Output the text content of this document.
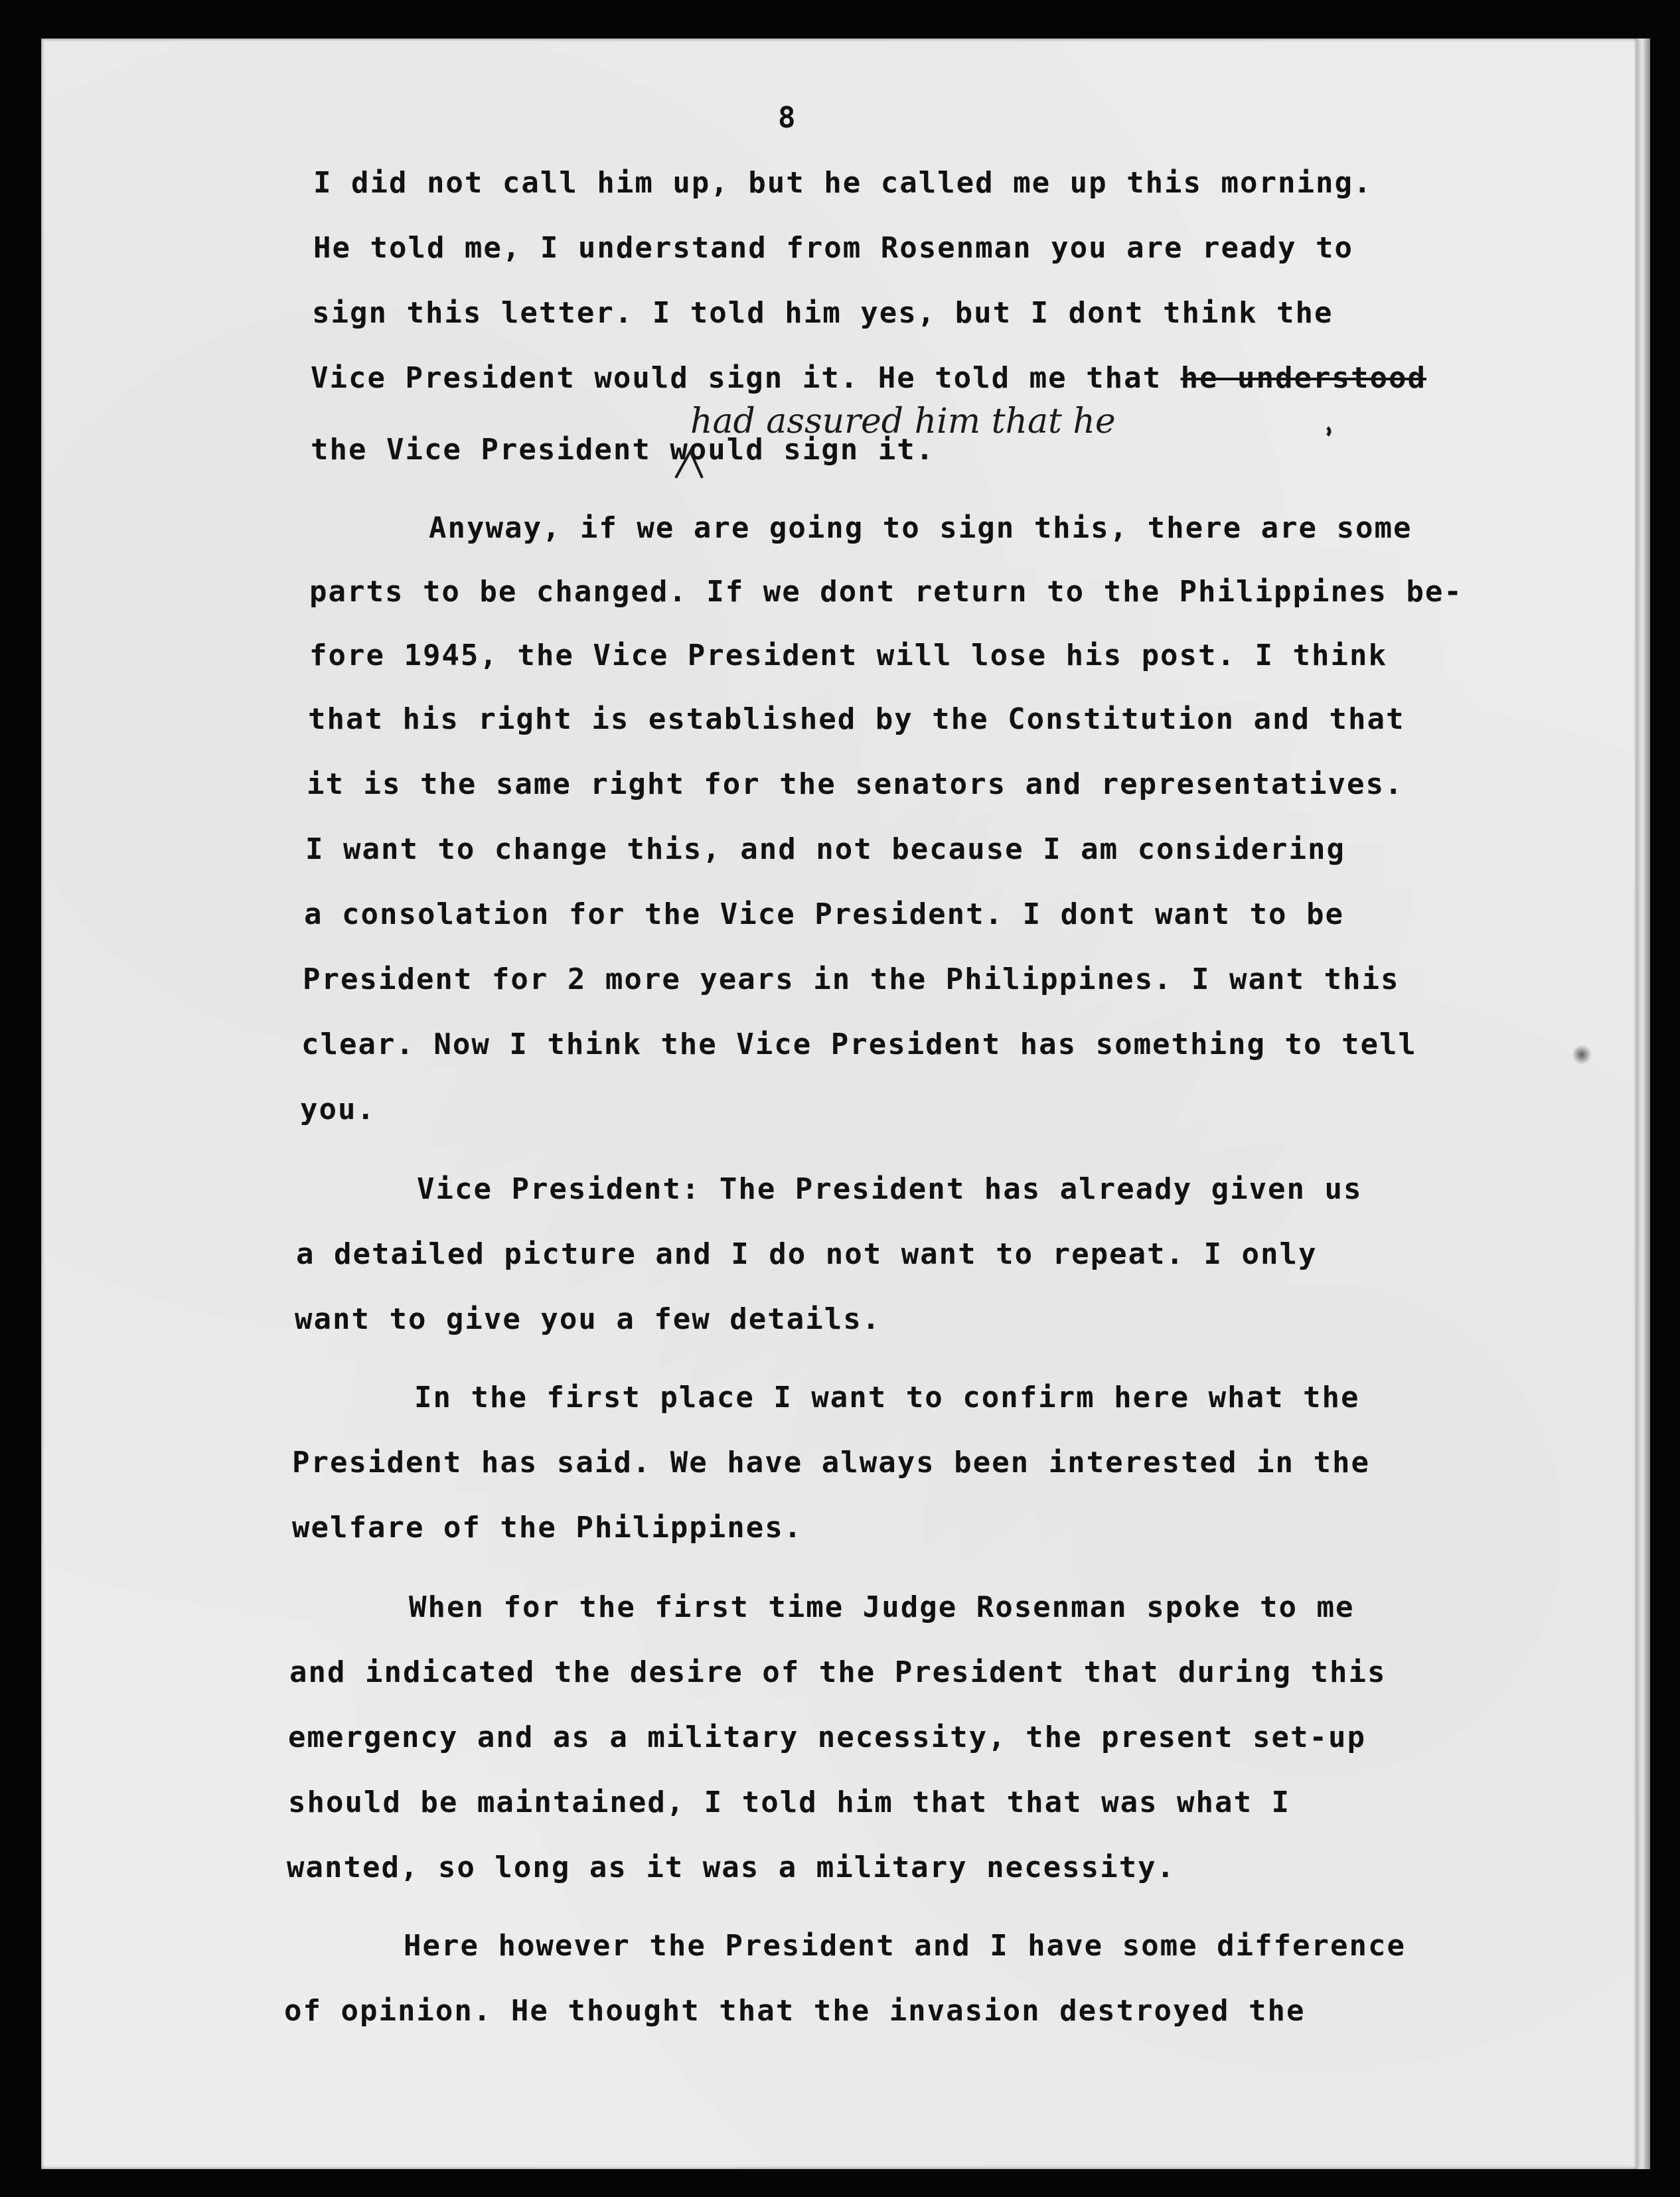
8
I did not call him up, but he called me up this morning.
He told me, I understand from Rosenman you are ready to
sign this letter. I told him yes, but I dont think the
Vice President would sign it. He told me that he understood
the Vice President would sign it.
Anyway, if we are going to sign this, there are some
parts to be changed. If we dont return to the Philippines be-
fore 1945, the Vice President will lose his post. I think
that his right is established by the Constitution and that
it is the same right for the senators and representatives.
I want to change this, and not because I am considering
a consolation for the Vice President. I dont want to be
President for 2 more years in the Philippines. I want this
clear. Now I think the Vice President has something to tell
you.
Vice President: The President has already given us
a detailed picture and I do not want to repeat. I only
want to give you a few details.
In the first place I want to confirm here what the
President has said. We have always been interested in the
welfare of the Philippines.
When for the first time Judge Rosenman spoke to me
and indicated the desire of the President that during this
emergency and as a military necessity, the present set-up
should be maintained, I told him that that was what I
wanted, so long as it was a military necessity.
Here however the President and I have some difference
of opinion. He thought that the invasion destroyed the
had assured him that he
